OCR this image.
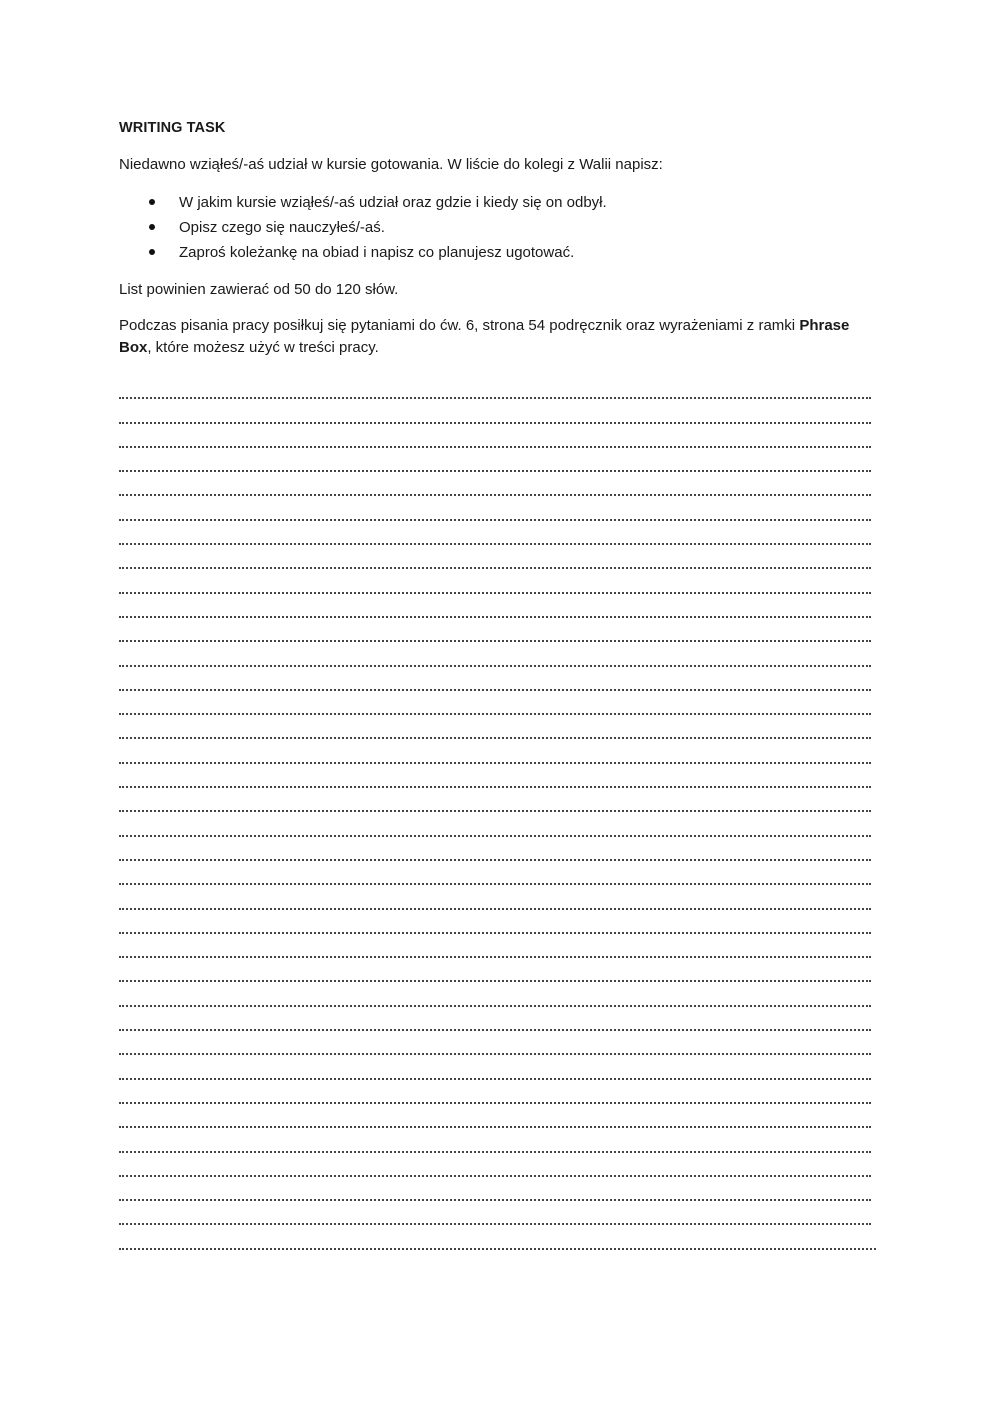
WRITING TASK

Niedawno wziąłeś/-aś udział w kursie gotowania. W liście do kolegi z Walii napisz:

W jakim kursie wziąłeś/-aś udział oraz gdzie i kiedy się on odbył.
Opisz czego się nauczyłeś/-aś.
Zaproś koleżankę na obiad i napisz co planujesz ugotować.

List powinien zawierać od 50 do 120 słów.

Podczas pisania pracy posiłkuj się pytaniami do ćw. 6, strona 54 podręcznik oraz wyrażeniami z ramki Phrase Box, które możesz użyć w treści pracy.
